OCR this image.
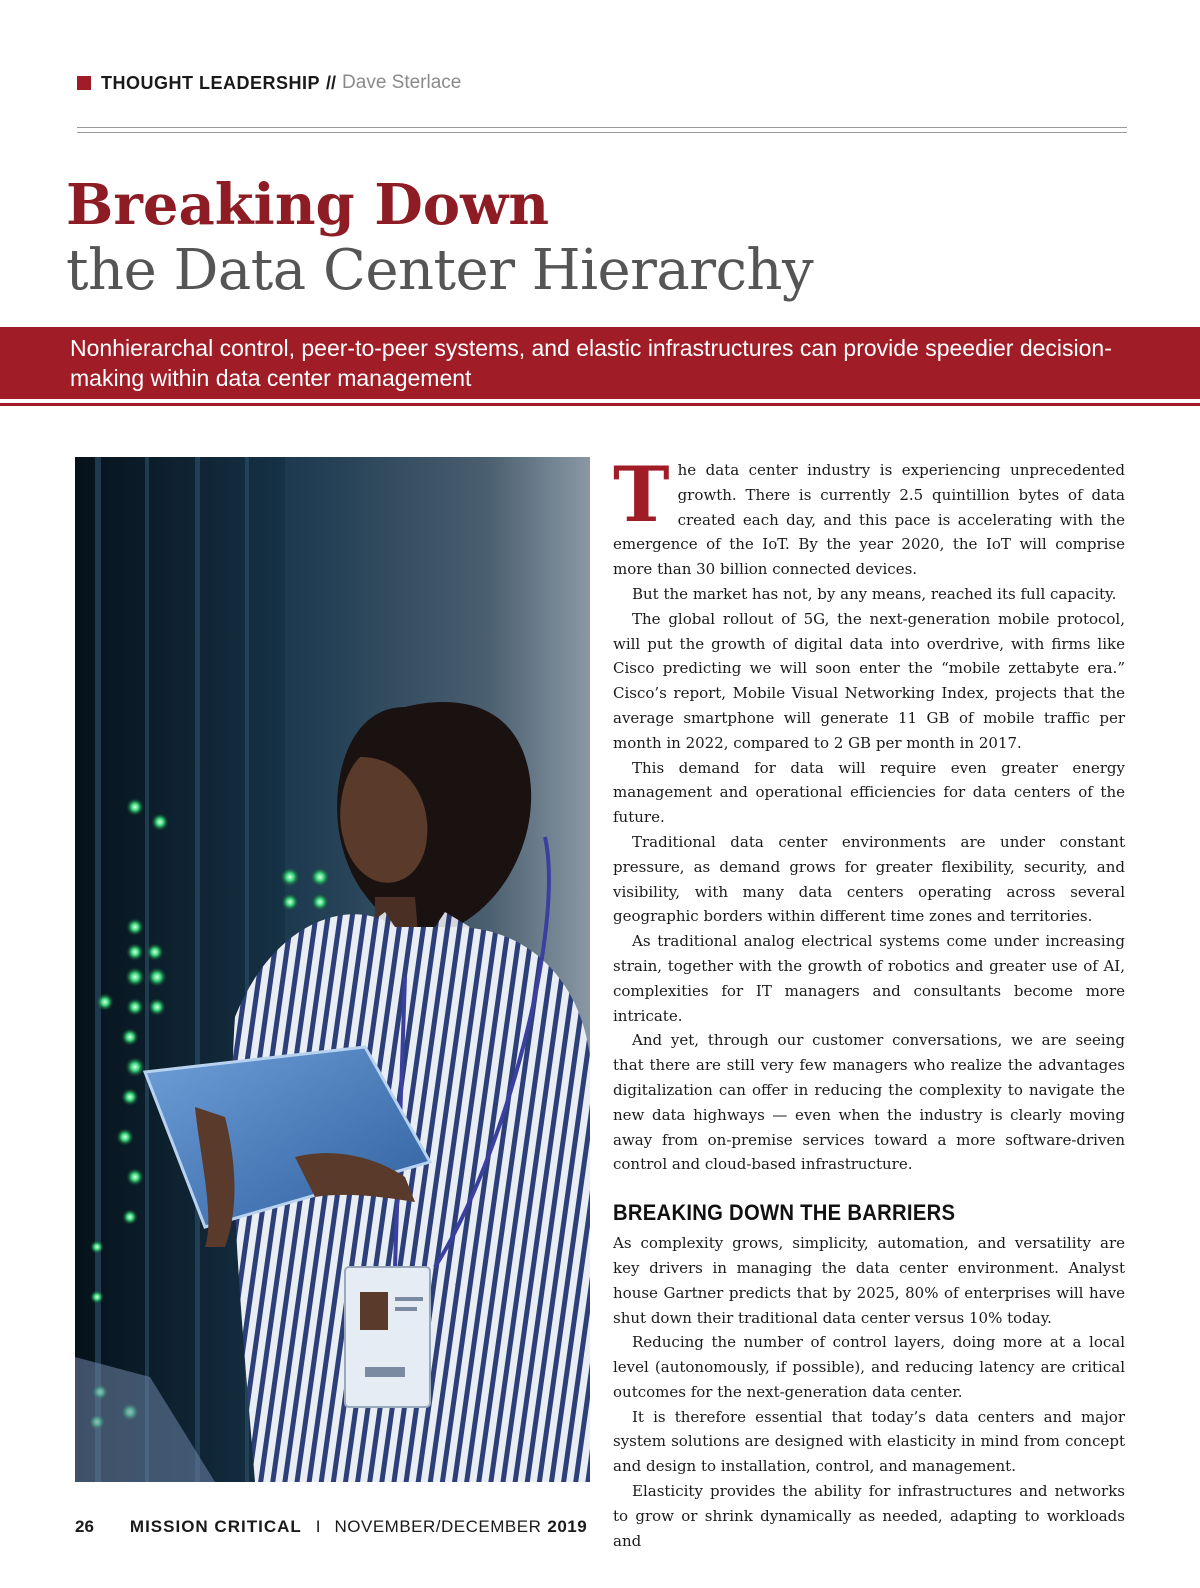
THOUGHT LEADERSHIP // Dave Sterlace
Breaking Down
the Data Center Hierarchy
Nonhierarchal control, peer-to-peer systems, and elastic infrastructures can provide speedier decision-making within data center management

The data center industry is experiencing unprecedented growth. There is currently 2.5 quintillion bytes of data created each day, and this pace is accelerating with the emergence of the IoT. By the year 2020, the IoT will comprise more than 30 billion connected devices.

But the market has not, by any means, reached its full capacity.

The global rollout of 5G, the next-generation mobile protocol, will put the growth of digital data into overdrive, with firms like Cisco predicting we will soon enter the “mobile zettabyte era.” Cisco’s report, Mobile Visual Networking Index, projects that the average smartphone will generate 11 GB of mobile traffic per month in 2022, compared to 2 GB per month in 2017.

This demand for data will require even greater energy management and operational efficiencies for data centers of the future.

Traditional data center environments are under constant pressure, as demand grows for greater flexibility, security, and visibility, with many data centers operating across several geographic borders within different time zones and territories.

As traditional analog electrical systems come under increasing strain, together with the growth of robotics and greater use of AI, complexities for IT managers and consultants become more intricate.

And yet, through our customer conversations, we are seeing that there are still very few managers who realize the advantages digitalization can offer in reducing the complexity to navigate the new data highways — even when the industry is clearly moving away from on-premise services toward a more software-driven control and cloud-based infrastructure.

BREAKING DOWN THE BARRIERS

As complexity grows, simplicity, automation, and versatility are key drivers in managing the data center environment. Analyst house Gartner predicts that by 2025, 80% of enterprises will have shut down their traditional data center versus 10% today.

Reducing the number of control layers, doing more at a local level (autonomously, if possible), and reducing latency are critical outcomes for the next-generation data center.

It is therefore essential that today’s data centers and major system solutions are designed with elasticity in mind from concept and design to installation, control, and management.

Elasticity provides the ability for infrastructures and networks to grow or shrink dynamically as needed, adapting to workloads and

26 MISSION CRITICAL I NOVEMBER/DECEMBER 2019
